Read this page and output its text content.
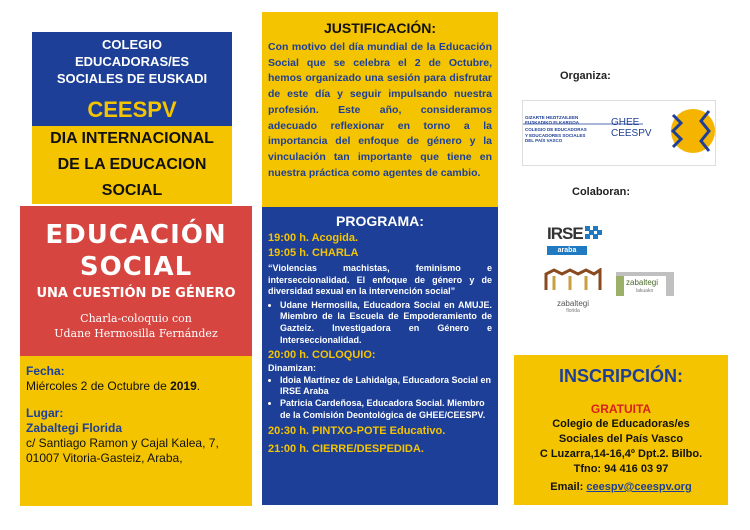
COLEGIO
EDUCADORAS/ES
SOCIALES DE EUSKADI
CEESPV
DIA INTERNACIONAL
DE LA EDUCACION
SOCIAL
EDUCACIÓN
SOCIAL
UNA CUESTIÓN DE GÉNERO
Charla-coloquio con
Udane Hermosilla Fernández
Fecha:
Miércoles 2 de Octubre de 2019.
Lugar:
Zabaltegi Florida
c/ Santiago Ramon y Cajal Kalea, 7,
01007 Vitoria-Gasteiz, Araba,
JUSTIFICACIÓN:
Con motivo del día mundial de la Educación Social que se celebra el 2 de Octubre, hemos organizado una sesión para disfrutar de este día y seguir impulsando nuestra profesión. Este año, consideramos adecuado reflexionar en torno a la importancia del enfoque de género y la vinculación tan importante que tiene en nuestra práctica como agentes de cambio.
PROGRAMA:
19:00 h. Acogida.
19:05 h. CHARLA
“Violencias machistas, feminismo e interseccionalidad. El enfoque de género y de diversidad sexual en la intervención social”
• Udane Hermosilla, Educadora Social en AMUJE. Miembro de la Escuela de Empoderamiento de Gazteiz. Investigadora en Género e Interseccionalidad.
20:00 h. COLOQUIO:
Dinamizan:
• Idoia Martínez de Lahidalga, Educadora Social en IRSE Araba
• Patricia Cardeñosa, Educadora Social. Miembro de la Comisión Deontológica de GHEE/CEESPV.
20:30 h. PINTXO-POTE Educativo.
21:00 h. CIERRE/DESPEDIDA.
Organiza:
GIZARTE HEZITZAILEEN
EUSKADIKO ELKARGOA
COLEGIO DE EDUCADORAS
Y EDUCADORES SOCIALES
DEL PAÍS VASCO
GHEE
CEESPV
Colaboran:
IRSE
araba
zabaltegi
florida
zabaltegi
lakuako
INSCRIPCIÓN:
GRATUITA
Colegio de Educadoras/es
Sociales del País Vasco
C Luzarra,14-16,4º Dpt.2. Bilbo.
Tfno: 94 416 03 97
Email: ceespv@ceespv.org
